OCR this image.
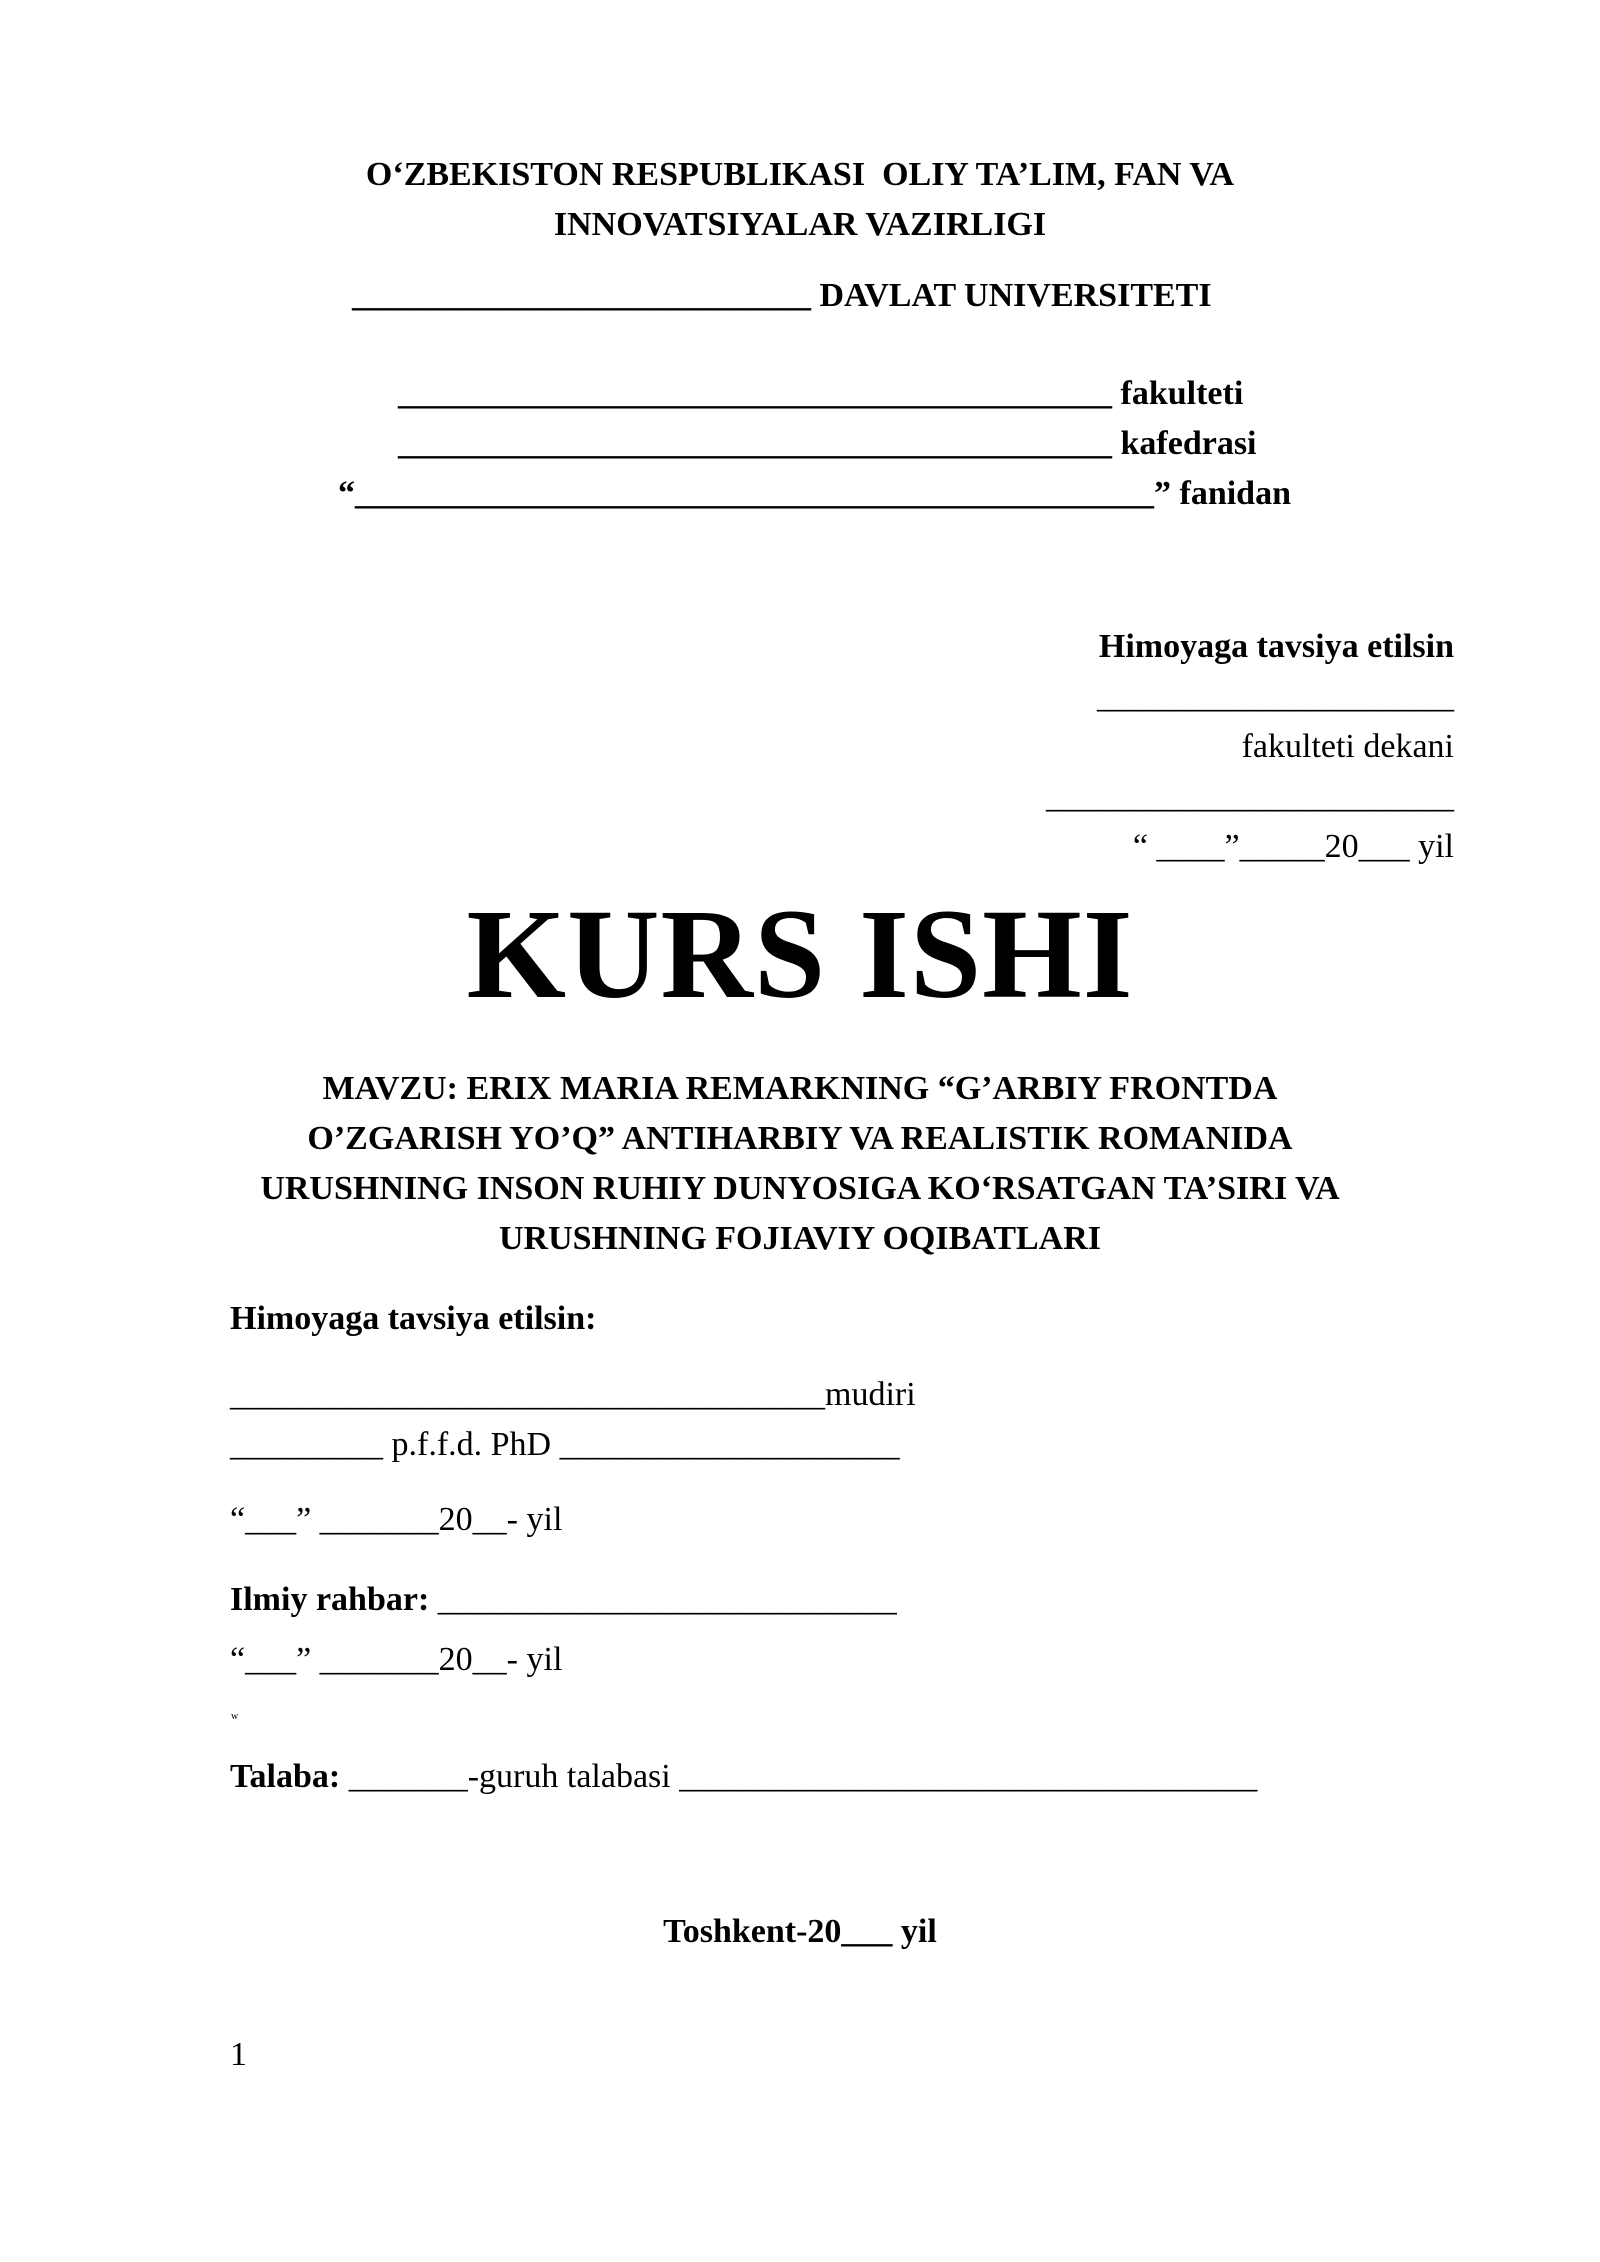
O‘ZBEKISTON RESPUBLIKASI  OLIY TA’LIM, FAN VA
INNOVATSIYALAR VAZIRLIGI
___________________________ DAVLAT UNIVERSITETI
__________________________________________ fakulteti
__________________________________________ kafedrasi
“_______________________________________________” fanidan
Himoyaga tavsiya etilsin
_____________________
fakulteti dekani
________________________
“ ____”_____20___ yil
KURS ISHI
MAVZU: ERIX MARIA REMARKNING “G’ARBIY FRONTDA
O’ZGARISH YO’Q” ANTIHARBIY VA REALISTIK ROMANIDA
URUSHNING INSON RUHIY DUNYOSIGA KO‘RSATGAN TA’SIRI VA
URUSHNING FOJIAVIY OQIBATLARI
Himoyaga tavsiya etilsin:
___________________________________mudiri
_________ p.f.f.d. PhD ____________________
“___” _______20__- yil
Ilmiy rahbar: ___________________________
“___” _______20__- yil
w
Talaba: _______-guruh talabasi __________________________________
Toshkent-20___ yil
1
